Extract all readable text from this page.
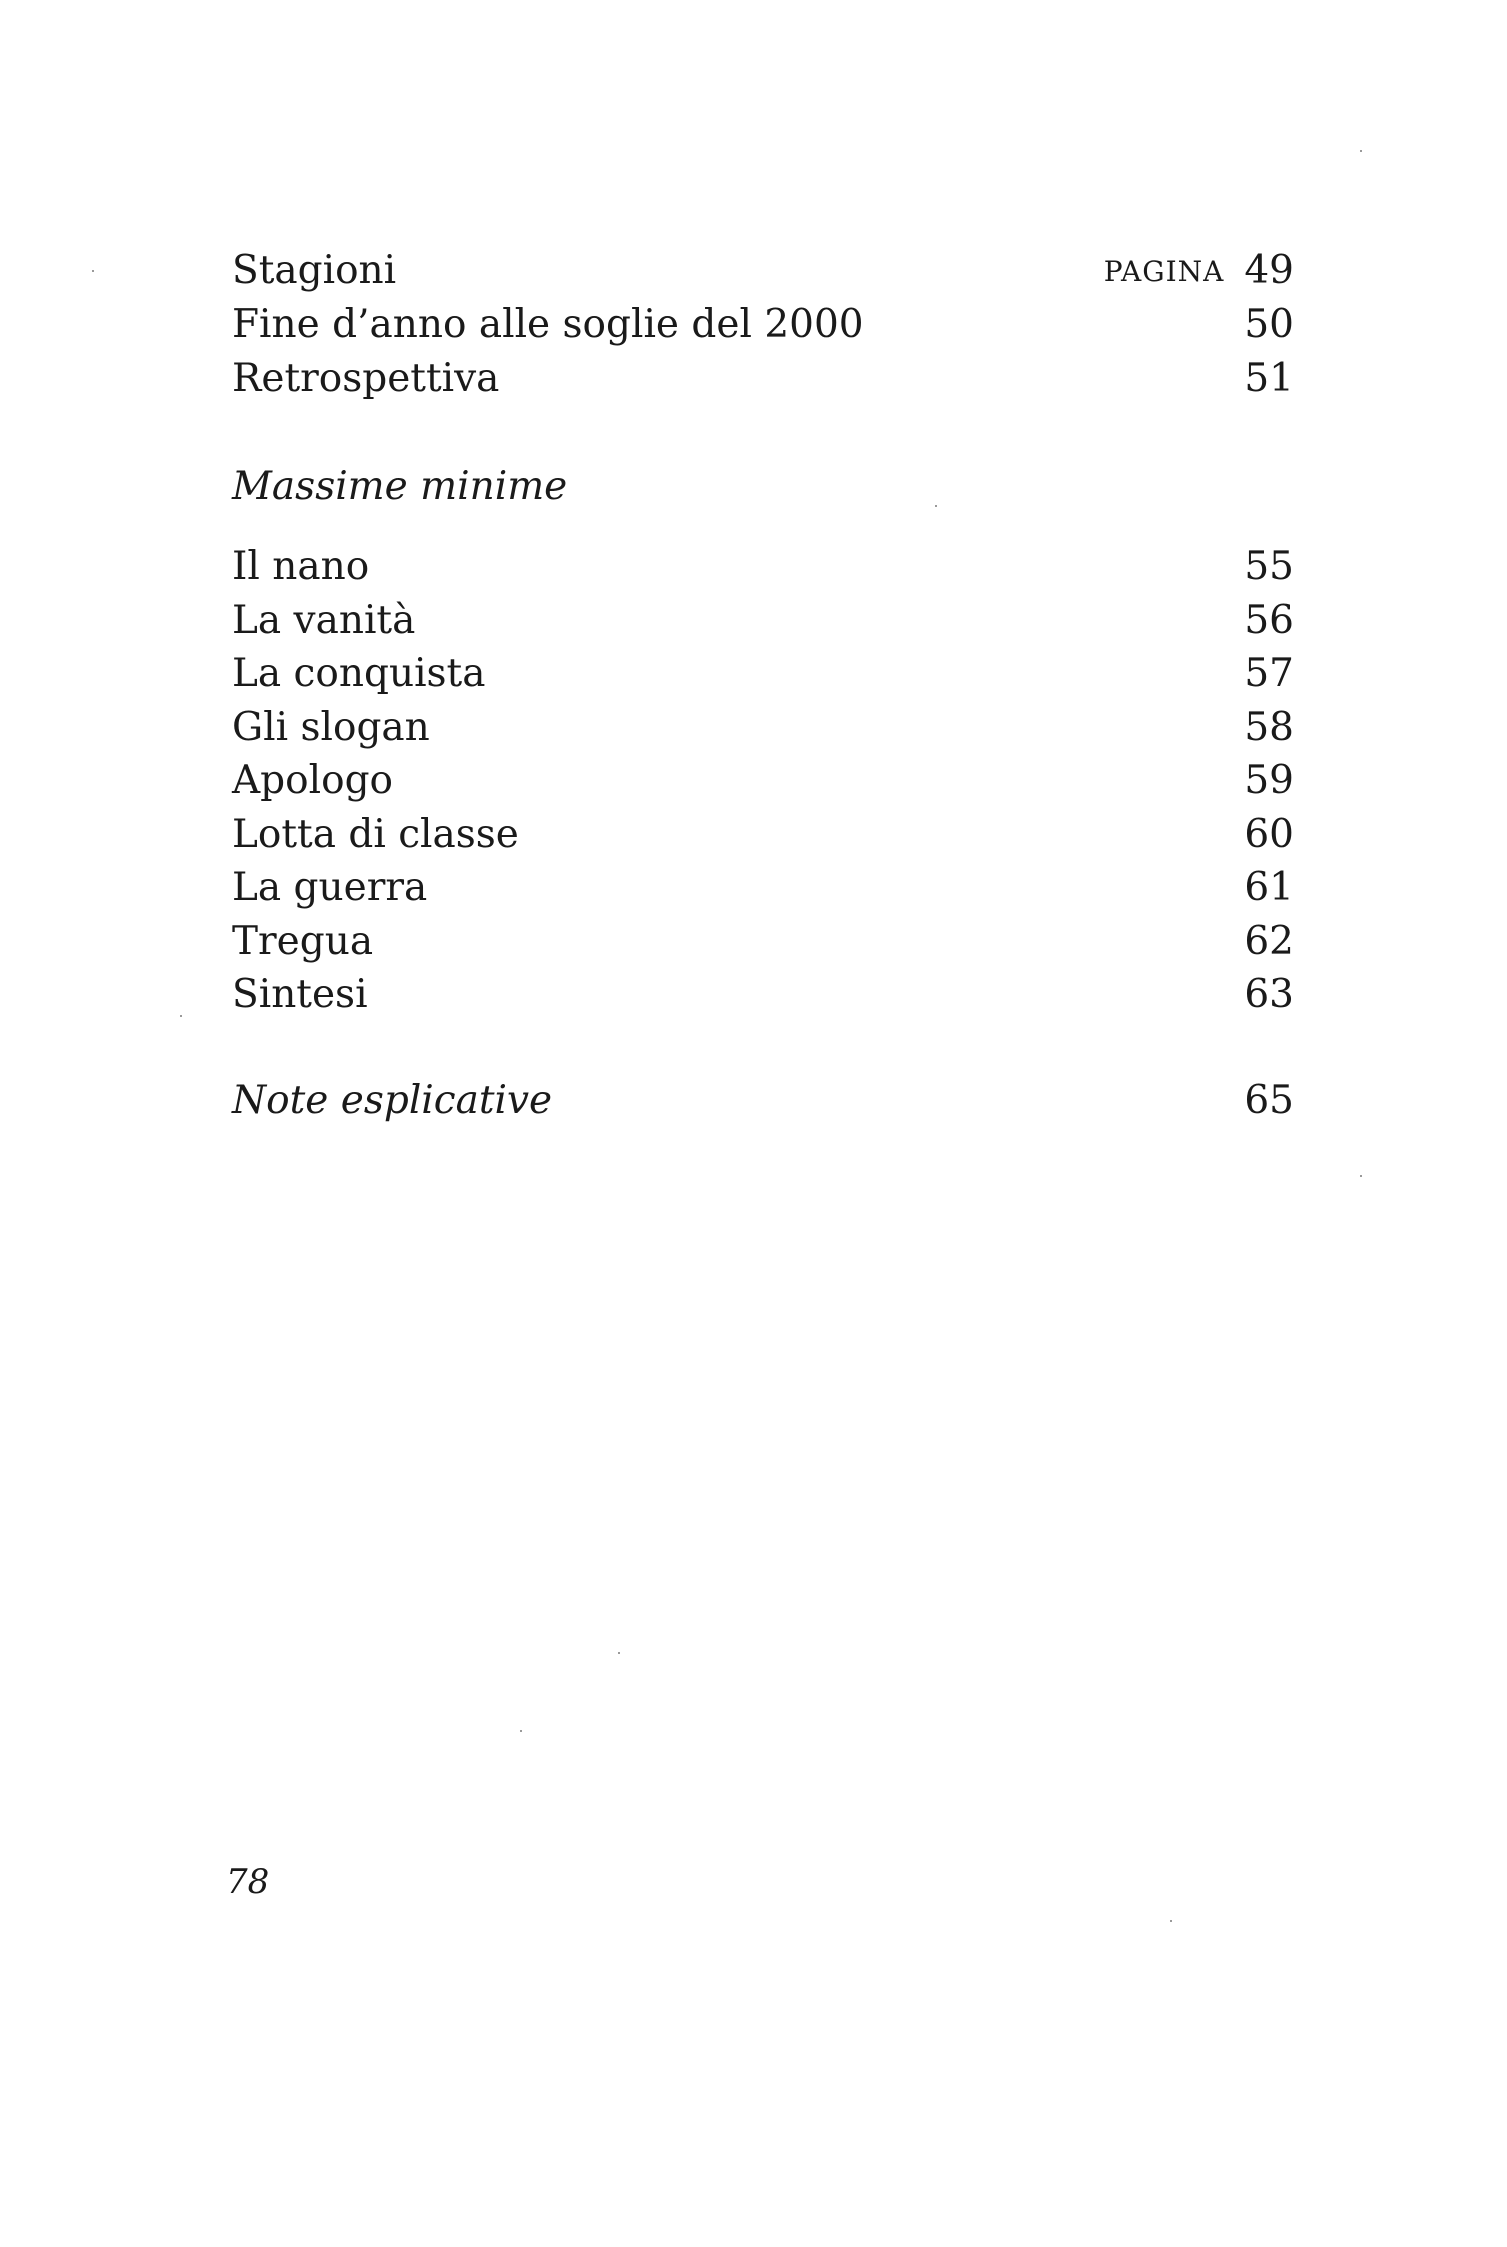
Stagioni	PAGINA 49
Fine d’anno alle soglie del 2000	50
Retrospettiva	51
Massime minime
Il nano	55
La vanità	56
La conquista	57
Gli slogan	58
Apologo	59
Lotta di classe	60
La guerra	61
Tregua	62
Sintesi	63
Note esplicative	65
78
